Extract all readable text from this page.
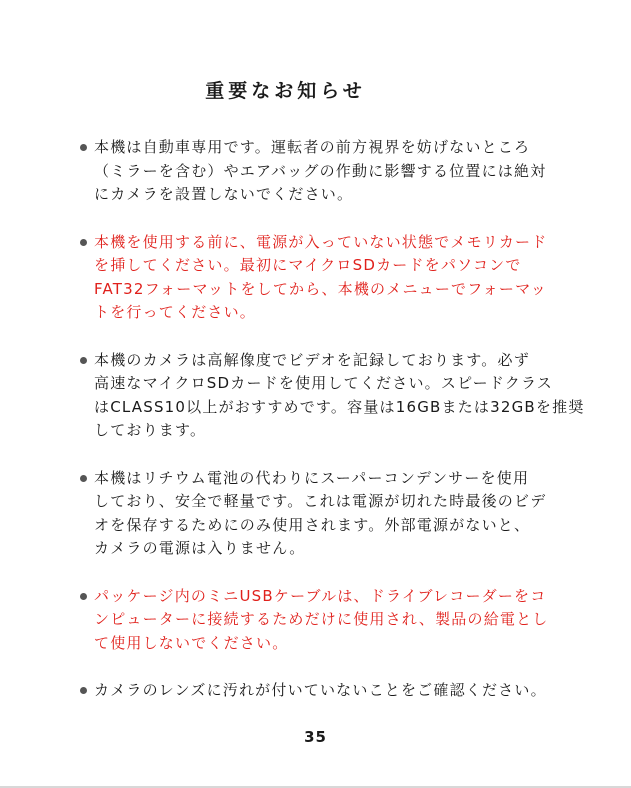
重要なお知らせ
本機は自動車専用です。運転者の前方視界を妨げないところ
（ミラーを含む）やエアバッグの作動に影響する位置には絶対
にカメラを設置しないでください。
本機を使用する前に、電源が入っていない状態でメモリカード
を挿してください。最初にマイクロSDカードをパソコンで
FAT32フォーマットをしてから、本機のメニューでフォーマッ
トを行ってください。
本機のカメラは高解像度でビデオを記録しております。必ず
高速なマイクロSDカードを使用してください。スピードクラス
はCLASS10以上がおすすめです。容量は16GBまたは32GBを推奨
しております。
本機はリチウム電池の代わりにスーパーコンデンサーを使用
しており、安全で軽量です。これは電源が切れた時最後のビデ
オを保存するためにのみ使用されます。外部電源がないと、
カメラの電源は入りません。
パッケージ内のミニUSBケーブルは、ドライブレコーダーをコ
ンピューターに接続するためだけに使用され、製品の給電とし
て使用しないでください。
カメラのレンズに汚れが付いていないことをご確認ください。
35
